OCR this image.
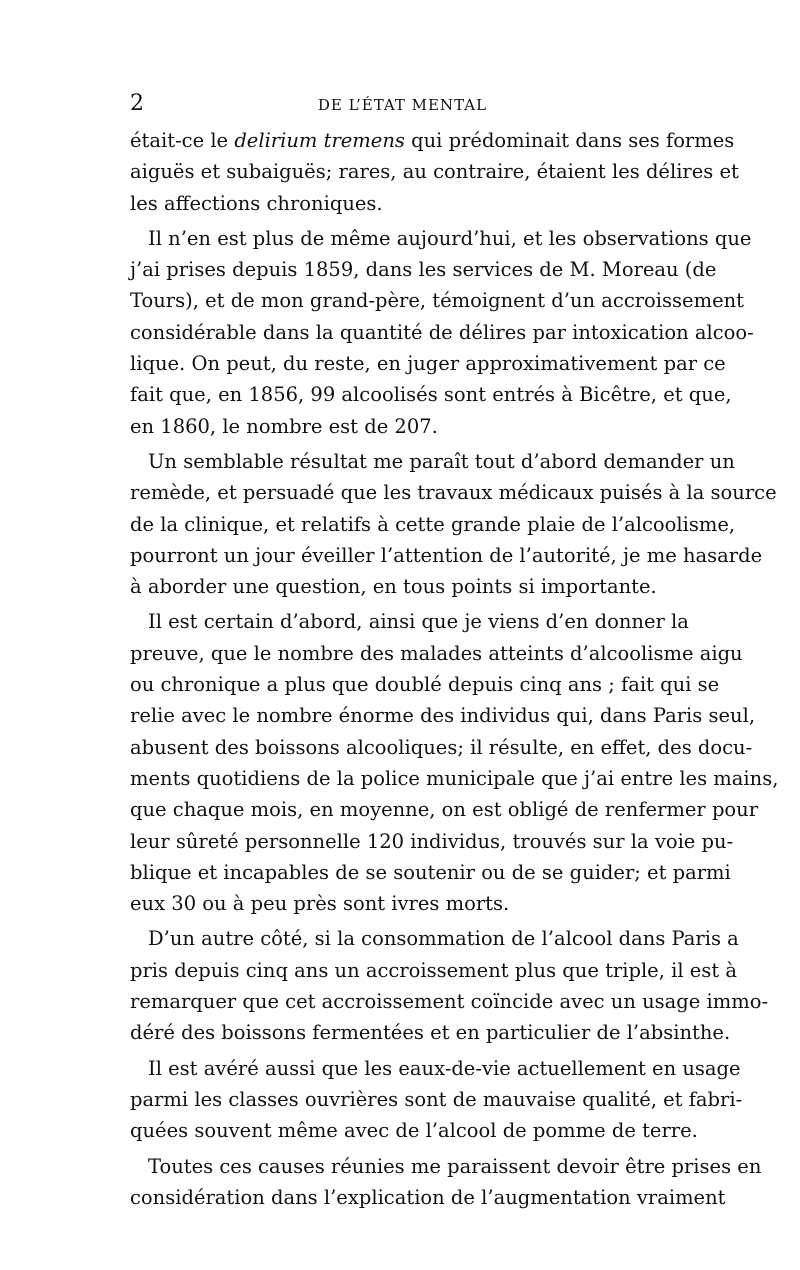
2	DE L’ÉTAT MENTAL
était-ce le delirium tremens qui prédominait dans ses formes
aiguës et subaiguës; rares, au contraire, étaient les délires et
les affections chroniques.
Il n’en est plus de même aujourd’hui, et les observations que
j’ai prises depuis 1859, dans les services de M. Moreau (de
Tours), et de mon grand-père, témoignent d’un accroissement
considérable dans la quantité de délires par intoxication alcoo-
lique. On peut, du reste, en juger approximativement par ce
fait que, en 1856, 99 alcoolisés sont entrés à Bicêtre, et que,
en 1860, le nombre est de 207.
Un semblable résultat me paraît tout d’abord demander un
remède, et persuadé que les travaux médicaux puisés à la source
de la clinique, et relatifs à cette grande plaie de l’alcoolisme,
pourront un jour éveiller l’attention de l’autorité, je me hasarde
à aborder une question, en tous points si importante.
Il est certain d’abord, ainsi que je viens d’en donner la
preuve, que le nombre des malades atteints d’alcoolisme aigu
ou chronique a plus que doublé depuis cinq ans ; fait qui se
relie avec le nombre énorme des individus qui, dans Paris seul,
abusent des boissons alcooliques; il résulte, en effet, des docu-
ments quotidiens de la police municipale que j’ai entre les mains,
que chaque mois, en moyenne, on est obligé de renfermer pour
leur sûreté personnelle 120 individus, trouvés sur la voie pu-
blique et incapables de se soutenir ou de se guider; et parmi
eux 30 ou à peu près sont ivres morts.
D’un autre côté, si la consommation de l’alcool dans Paris a
pris depuis cinq ans un accroissement plus que triple, il est à
remarquer que cet accroissement coïncide avec un usage immo-
déré des boissons fermentées et en particulier de l’absinthe.
Il est avéré aussi que les eaux-de-vie actuellement en usage
parmi les classes ouvrières sont de mauvaise qualité, et fabri-
quées souvent même avec de l’alcool de pomme de terre.
Toutes ces causes réunies me paraissent devoir être prises en
considération dans l’explication de l’augmentation vraiment
